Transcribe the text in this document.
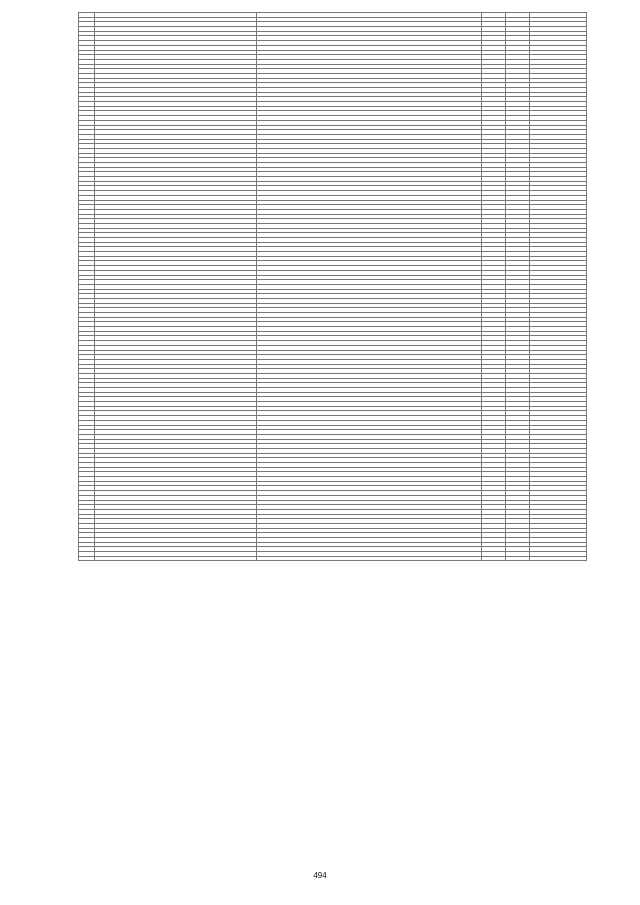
494
